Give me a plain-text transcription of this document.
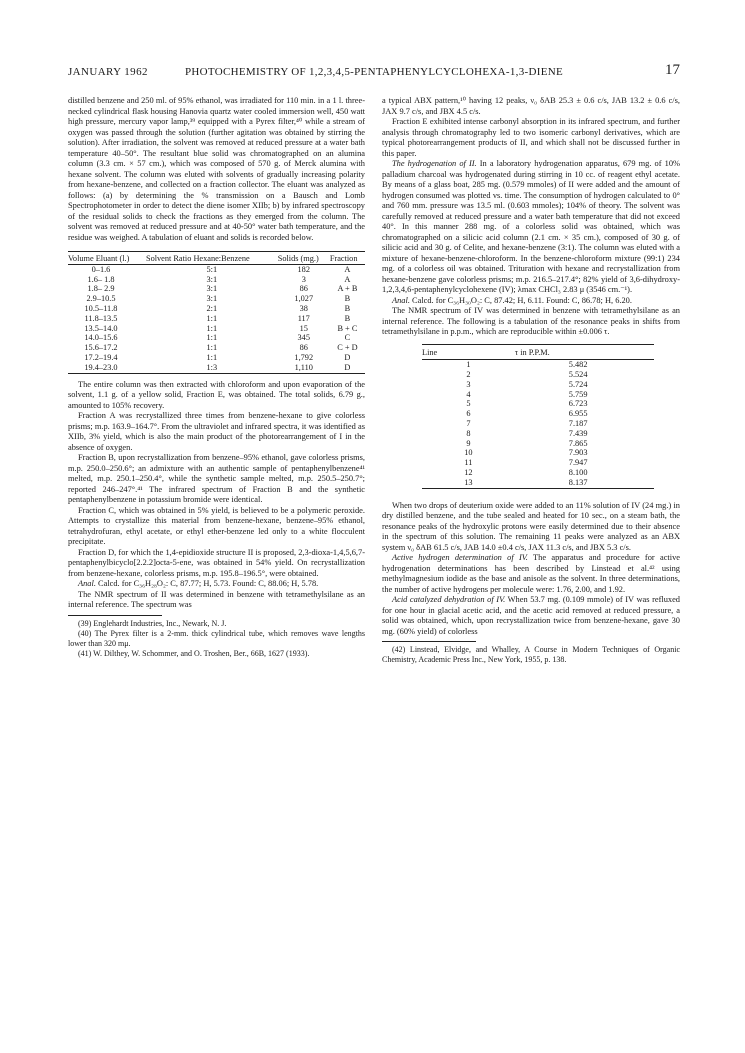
JANUARY 1962	PHOTOCHEMISTRY OF 1,2,3,4,5-PENTAPHENYLCYCLOHEXA-1,3-DIENE	17

distilled benzene and 250 ml. of 95% ethanol, was irradiated for 110 min. in a 1 l. three-necked cylindrical flask housing Hanovia quartz water cooled immersion well, 450 watt high pressure, mercury vapor lamp,³⁹ equipped with a Pyrex filter,⁴⁰ while a stream of oxygen was passed through the solution (further agitation was obtained by stirring the solution). After irradiation, the solvent was removed at reduced pressure at a water bath temperature 40–50°. The resultant blue solid was chromatographed on an alumina column (3.3 cm. × 57 cm.), which was composed of 570 g. of Merck alumina with hexane solvent. The column was eluted with solvents of gradually increasing polarity from hexane-benzene, and collected on a fraction collector. The eluant was analyzed as follows: (a) by determining the % transmission on a Bausch and Lomb Spectrophotometer in order to detect the diene isomer XIIb; b) by infrared spectroscopy of the residual solids to check the fractions as they emerged from the column. The solvent was removed at reduced pressure and at 40-50° water bath temperature, and the residue was weighed. A tabulation of eluant and solids is recorded below.

Volume Eluant (l.)	Solvent Ratio Hexane:Benzene	Solids (mg.)	Fraction
0–1.6	5:1	182	A
1.6– 1.8	3:1	3	A
1.8– 2.9	3:1	86	A + B
2.9–10.5	3:1	1,027	B
10.5–11.8	2:1	38	B
11.8–13.5	1:1	117	B
13.5–14.0	1:1	15	B + C
14.0–15.6	1:1	345	C
15.6–17.2	1:1	86	C + D
17.2–19.4	1:1	1,792	D
19.4–23.0	1:3	1,110	D

The entire column was then extracted with chloroform and upon evaporation of the solvent, 1.1 g. of a yellow solid, Fraction E, was obtained. The total solids, 6.79 g., amounted to 105% recovery.

Fraction A was recrystallized three times from benzene-hexane to give colorless prisms; m.p. 163.9–164.7°. From the ultraviolet and infrared spectra, it was identified as XIIb, 3% yield, which is also the main product of the photorearrangement of I in the absence of oxygen.

Fraction B, upon recrystallization from benzene–95% ethanol, gave colorless prisms, m.p. 250.0–250.6°; an admixture with an authentic sample of pentaphenylbenzene⁴¹ melted, m.p. 250.1–250.4°, while the synthetic sample melted, m.p. 250.5–250.7°; reported 246–247°.⁴¹ The infrared spectrum of Fraction B and the synthetic pentaphenylbenzene in potassium bromide were identical.

Fraction C, which was obtained in 5% yield, is believed to be a polymeric peroxide. Attempts to crystallize this material from benzene-hexane, benzene–95% ethanol, tetrahydrofuran, ethyl acetate, or ethyl ether-benzene led only to a white flocculent precipitate.

Fraction D, for which the 1,4-epidioxide structure II is proposed, 2,3-dioxa-1,4,5,6,7-pentaphenylbicyclo[2.2.2]octa-5-ene, was obtained in 54% yield. On recrystallization from benzene-hexane, colorless prisms, m.p. 195.8–196.5°, were obtained.

Anal. Calcd. for C₃₆H₂₈O₂: C, 87.77; H, 5.73. Found: C, 88.06; H, 5.78.

The NMR spectrum of II was determined in benzene with tetramethylsilane as an internal reference. The spectrum was

(39) Englehardt Industries, Inc., Newark, N. J.

(40) The Pyrex filter is a 2-mm. thick cylindrical tube, which removes wave lengths lower than 320 mμ.

(41) W. Dilthey, W. Schommer, and O. Troshen, Ber., 66B, 1627 (1933).

a typical ABX pattern,¹⁰ having 12 peaks, ν₀ δAB 25.3 ± 0.6 c/s, JAB 13.2 ± 0.6 c/s, JAX 9.7 c/s, and JBX 4.5 c/s.

Fraction E exhibited intense carbonyl absorption in its infrared spectrum, and further analysis through chromatography led to two isomeric carbonyl derivatives, which are typical photorearrangement products of II, and which shall not be discussed further in this paper.

The hydrogenation of II. In a laboratory hydrogenation apparatus, 679 mg. of 10% palladium charcoal was hydrogenated during stirring in 10 cc. of reagent ethyl acetate. By means of a glass boat, 285 mg. (0.579 mmoles) of II were added and the amount of hydrogen consumed was plotted vs. time. The consumption of hydrogen calculated to 0° and 760 mm. pressure was 13.5 ml. (0.603 mmoles); 104% of theory. The solvent was carefully removed at reduced pressure and a water bath temperature that did not exceed 40°. In this manner 288 mg. of a colorless solid was obtained, which was chromatographed on a silicic acid column (2.1 cm. × 35 cm.), composed of 30 g. of silicic acid and 30 g. of Celite, and hexane-benzene (3:1). The column was eluted with a mixture of hexane-benzene-chloroform. In the benzene-chloroform mixture (99:1) 234 mg. of a colorless oil was obtained. Trituration with hexane and recrystallization from hexane-benzene gave colorless prisms; m.p. 216.5–217.4°; 82% yield of 3,6-dihydroxy-1,2,3,4,6-pentaphenylcyclohexene (IV); λmax CHCl₃ 2.83 μ (3546 cm.⁻¹).

Anal. Calcd. for C₃₆H₃₀O₂: C, 87.42; H, 6.11. Found: C, 86.78; H, 6.20.

The NMR spectrum of IV was determined in benzene with tetramethylsilane as an internal reference. The following is a tabulation of the resonance peaks in shifts from tetramethylsilane in p.p.m., which are reproducible within ±0.006 τ.

Line	τ in P.P.M.
1	5.482
2	5.524
3	5.724
4	5.759
5	6.723
6	6.955
7	7.187
8	7.439
9	7.865
10	7.903
11	7.947
12	8.100
13	8.137

When two drops of deuterium oxide were added to an 11% solution of IV (24 mg.) in dry distilled benzene, and the tube sealed and heated for 10 sec., on a steam bath, the resonance peaks of the hydroxylic protons were easily determined due to their absence in the spectrum of this solution. The remaining 11 peaks were analyzed as an ABX system ν₀ δAB 61.5 c/s, JAB 14.0 ±0.4 c/s, JAX 11.3 c/s, and JBX 5.3 c/s.

Active hydrogen determination of IV. The apparatus and procedure for active hydrogenation determinations has been described by Linstead et al.⁴² using methylmagnesium iodide as the base and anisole as the solvent. In three determinations, the number of active hydrogens per molecule were: 1.76, 2.00, and 1.92.

Acid catalyzed dehydration of IV. When 53.7 mg. (0.109 mmole) of IV was refluxed for one hour in glacial acetic acid, and the acetic acid removed at reduced pressure, a solid was obtained, which, upon recrystallization twice from benzene-hexane, gave 30 mg. (60% yield) of colorless

(42) Linstead, Elvidge, and Whalley, A Course in Modern Techniques of Organic Chemistry, Academic Press Inc., New York, 1955, p. 138.
